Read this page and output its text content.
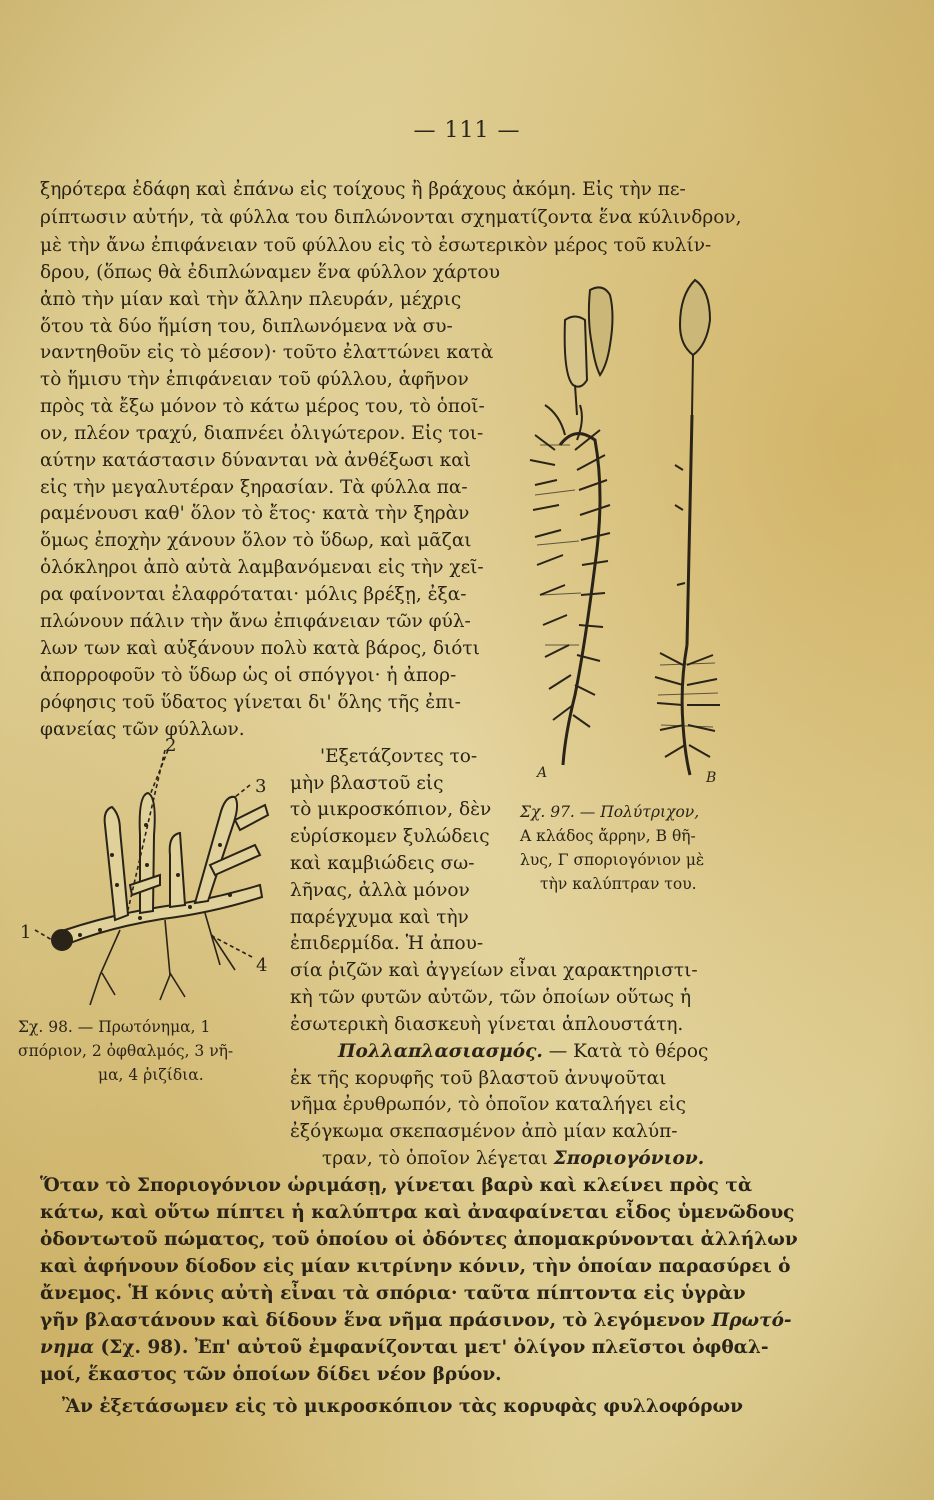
— 111 —
ξηρότερα ἐδάφη καὶ ἐπάνω εἰς τοίχους ἢ βράχους ἀκόμη. Εἰς τὴν πε-
ρίπτωσιν αὐτήν, τὰ φύλλα του διπλώνονται σχηματίζοντα ἕνα κύλινδρον,
μὲ τὴν ἄνω ἐπιφάνειαν τοῦ φύλλου εἰς τὸ ἐσωτερικὸν μέρος τοῦ κυλίν-
δρου, (ὅπως θὰ ἐδιπλώναμεν ἕνα φύλλον χάρτου
ἀπὸ τὴν μίαν καὶ τὴν ἄλλην πλευράν, μέχρις
ὅτου τὰ δύο ἥμίση του, διπλωνόμενα νὰ συ-
ναντηθοῦν εἰς τὸ μέσον)· τοῦτο ἐλαττώνει κατὰ
τὸ ἥμισυ τὴν ἐπιφάνειαν τοῦ φύλλου, ἀφῆνον
πρὸς τὰ ἔξω μόνον τὸ κάτω μέρος του, τὸ ὁποῖ-
ον, πλέον τραχύ, διαπνέει ὀλιγώτερον. Εἰς τοι-
αύτην κατάστασιν δύνανται νὰ ἀνθέξωσι καὶ
εἰς τὴν μεγαλυτέραν ξηρασίαν. Τὰ φύλλα πα-
ραμένουσι καθ' ὅλον τὸ ἔτος· κατὰ τὴν ξηρὰν
ὅμως ἐποχὴν χάνουν ὅλον τὸ ὕδωρ, καὶ μᾶζαι
ὁλόκληροι ἀπὸ αὐτὰ λαμβανόμεναι εἰς τὴν χεῖ-
ρα φαίνονται ἐλαφρόταται· μόλις βρέξῃ, ἐξα-
πλώνουν πάλιν τὴν ἄνω ἐπιφάνειαν τῶν φύλ-
λων των καὶ αὐξάνουν πολὺ κατὰ βάρος, διότι
ἀπορροφοῦν τὸ ὕδωρ ὡς οἱ σπόγγοι· ἡ ἀπορ-
ρόφησις τοῦ ὕδατος γίνεται δι' ὅλης τῆς ἐπι-
φανείας τῶν φύλλων.
'Εξετάζοντες το-
μὴν βλαστοῦ εἰς
τὸ μικροσκόπιον, δὲν
εὑρίσκομεν ξυλώδεις
καὶ καμβιώδεις σω-
λῆνας, ἀλλὰ μόνον
παρέγχυμα καὶ τὴν
ἐπιδερμίδα. Ἡ ἀπου-
σία ῥιζῶν καὶ ἀγγείων εἶναι χαρακτηριστι-
κὴ τῶν φυτῶν αὐτῶν, τῶν ὁποίων οὕτως ἡ
ἐσωτερικὴ διασκευὴ γίνεται ἁπλουστάτη.
Πολλαπλασιασμός. — Κατὰ τὸ θέρος
ἐκ τῆς κορυφῆς τοῦ βλαστοῦ ἀνυψοῦται
νῆμα ἐρυθρωπόν, τὸ ὁποῖον καταλήγει εἰς
ἐξόγκωμα σκεπασμένον ἀπὸ μίαν καλύπ-
τραν, τὸ ὁποῖον λέγεται Σποριογόνιον.
Ὅταν τὸ Σποριογόνιον ὡριμάσῃ, γίνεται βαρὺ καὶ κλείνει πρὸς τὰ
κάτω, καὶ οὕτω πίπτει ἡ καλύπτρα καὶ ἀναφαίνεται εἶδος ὑμενῶδους
ὀδοντωτοῦ πώματος, τοῦ ὁποίου οἱ ὀδόντες ἀπομακρύνονται ἀλλήλων
καὶ ἀφήνουν δίοδον εἰς μίαν κιτρίνην κόνιν, τὴν ὁποίαν παρασύρει ὁ
ἄνεμος. Ἡ κόνις αὐτὴ εἶναι τὰ σπόρια· ταῦτα πίπτοντα εἰς ὑγρὰν
γῆν βλαστάνουν καὶ δίδουν ἕνα νῆμα πράσινον, τὸ λεγόμενον Πρωτό-
νημα (Σχ. 98). Ἐπ' αὐτοῦ ἐμφανίζονται μετ' ὀλίγον πλεῖστοι ὀφθαλ-
μοί, ἕκαστος τῶν ὁποίων δίδει νέον βρύον.
Ἂν ἐξετάσωμεν εἰς τὸ μικροσκόπιον τὰς κορυφὰς φυλλοφόρων
A	B
Σχ. 97. — Πολύτριχον,
Α κλάδος ἄρρην, Β θῆ-
λυς, Γ σποριογόνιον μὲ
τὴν καλύπτραν του.
2
3
1
4
Σχ. 98. — Πρωτόνημα, 1
σπόριον, 2 ὀφθαλμός, 3 νῆ-
μα, 4 ῥιζίδια.
